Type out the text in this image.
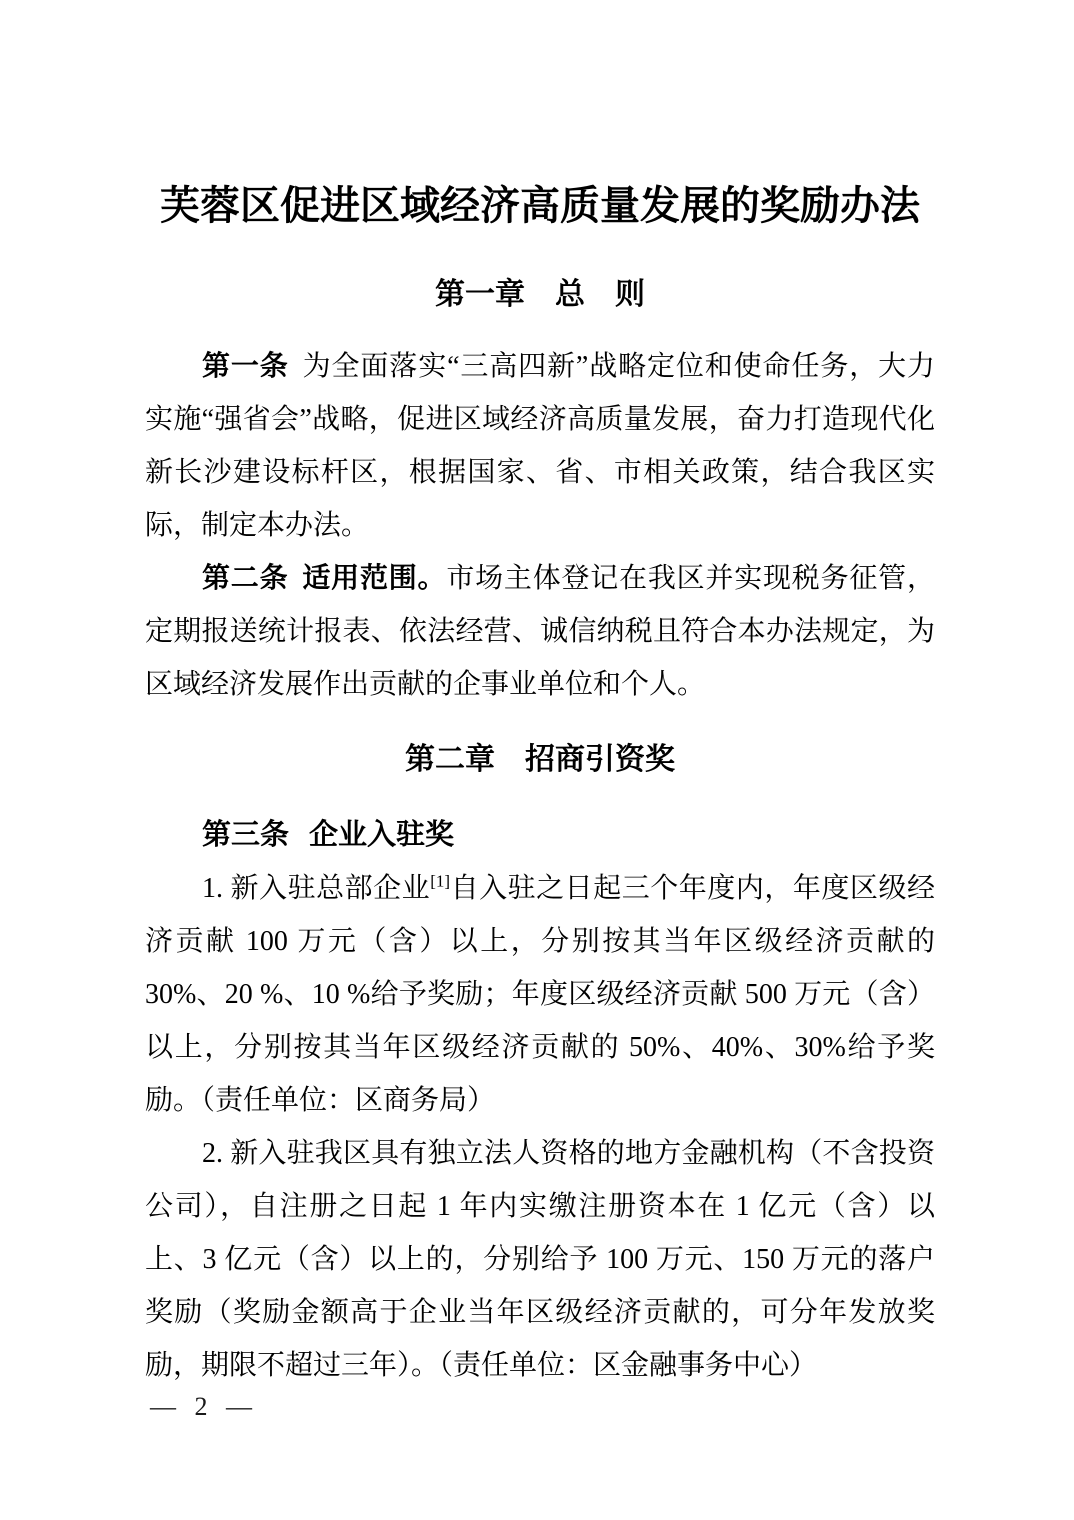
芙蓉区促进区域经济高质量发展的奖励办法
第一章　总　则

第一条 为全面落实“三高四新”战略定位和使命任务，大力实施“强省会”战略，促进区域经济高质量发展，奋力打造现代化新长沙建设标杆区，根据国家、省、市相关政策，结合我区实际，制定本办法。

第二条 适用范围。市场主体登记在我区并实现税务征管，定期报送统计报表、依法经营、诚信纳税且符合本办法规定，为区域经济发展作出贡献的企事业单位和个人。

第二章　招商引资奖

第三条 企业入驻奖

1. 新入驻总部企业[1]自入驻之日起三个年度内，年度区级经济贡献 100 万元（含）以上，分别按其当年区级经济贡献的 30%、20 %、10 %给予奖励；年度区级经济贡献 500 万元（含）以上，分别按其当年区级经济贡献的 50%、40%、30%给予奖励。（责任单位：区商务局）

2. 新入驻我区具有独立法人资格的地方金融机构（不含投资公司），自注册之日起 1 年内实缴注册资本在 1 亿元（含）以上、3 亿元（含）以上的，分别给予 100 万元、150 万元的落户奖励（奖励金额高于企业当年区级经济贡献的，可分年发放奖励，期限不超过三年）。（责任单位：区金融事务中心）

— 2 —
